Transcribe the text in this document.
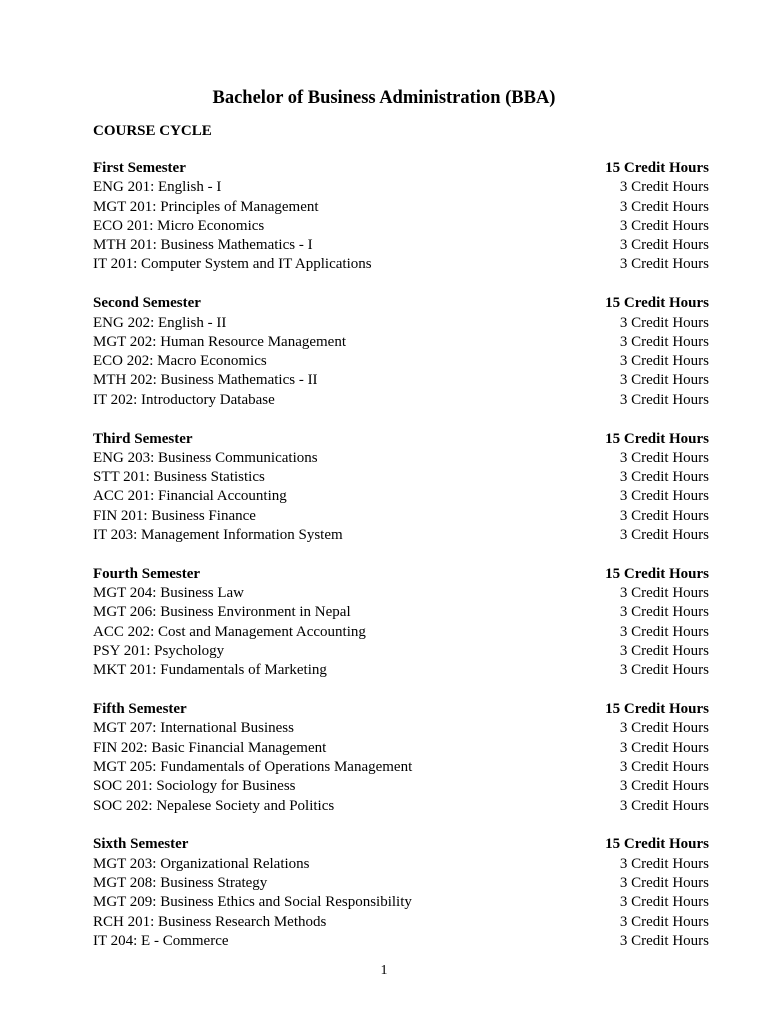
Bachelor of Business Administration (BBA)
COURSE CYCLE
First Semester	15 Credit Hours
ENG 201: English - I	3 Credit Hours
MGT 201: Principles of Management	3 Credit Hours
ECO 201: Micro Economics	3 Credit Hours
MTH 201: Business Mathematics - I	3 Credit Hours
IT 201: Computer System and IT Applications	3 Credit Hours
Second Semester	15 Credit Hours
ENG 202: English - II	3 Credit Hours
MGT 202: Human Resource Management	3 Credit Hours
ECO 202: Macro Economics	3 Credit Hours
MTH 202: Business Mathematics - II	3 Credit Hours
IT 202: Introductory Database	3 Credit Hours
Third Semester	15 Credit Hours
ENG 203: Business Communications	3 Credit Hours
STT 201: Business Statistics	3 Credit Hours
ACC 201: Financial Accounting	3 Credit Hours
FIN 201: Business Finance	3 Credit Hours
IT 203: Management Information System	3 Credit Hours
Fourth Semester	15 Credit Hours
MGT 204: Business Law	3 Credit Hours
MGT 206: Business Environment in Nepal	3 Credit Hours
ACC 202: Cost and Management Accounting	3 Credit Hours
PSY 201: Psychology	3 Credit Hours
MKT 201: Fundamentals of Marketing	3 Credit Hours
Fifth Semester	15 Credit Hours
MGT 207: International Business	3 Credit Hours
FIN 202: Basic Financial Management	3 Credit Hours
MGT 205: Fundamentals of Operations Management	3 Credit Hours
SOC 201: Sociology for Business	3 Credit Hours
SOC 202: Nepalese Society and Politics	3 Credit Hours
Sixth Semester	15 Credit Hours
MGT 203: Organizational Relations	3 Credit Hours
MGT 208: Business Strategy	3 Credit Hours
MGT 209: Business Ethics and Social Responsibility	3 Credit Hours
RCH 201: Business Research Methods	3 Credit Hours
IT 204: E - Commerce	3 Credit Hours
1
